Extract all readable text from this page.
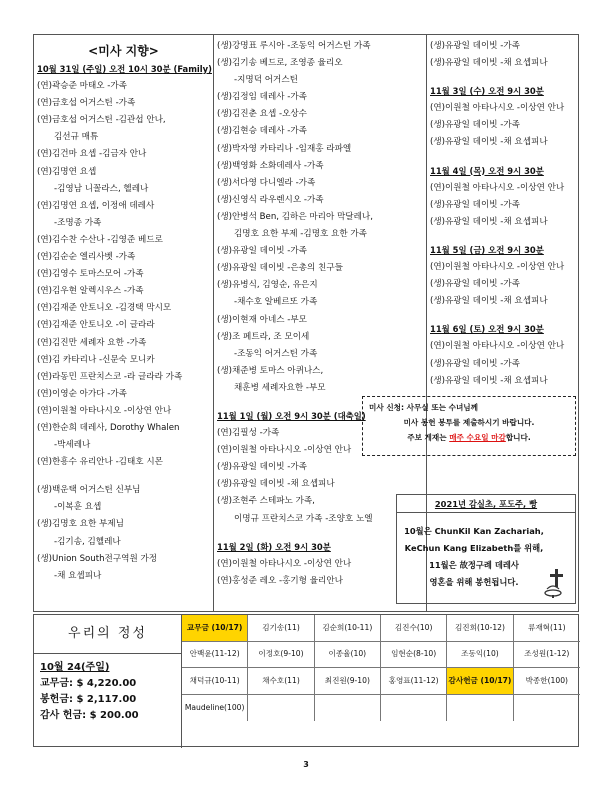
<미사 지향>
10월 31일 (주일) 오전 10시 30분 (Family)
(연)곽승준 마태오 -가족
(연)금호섭 어거스틴 -가족
(연)금호섭 어거스틴 -김관섭 안나,
김선규 매튜
(연)김건마 요셉 -김금자 안나
(연)김명연 요셉
-김영남 니꼴라스, 헬레나
(연)김명연 요셉, 이정애 데레사
-조명종 가족
(연)김수찬 수산나 -김영준 베드로
(연)김순순 엘리사벳 -가족
(연)김영수 토마스모어 -가족
(연)김우현 알렉시우스 -가족
(연)김재준 안토니오 -김경택 막시모
(연)김재준 안토니오 -이 글라라
(연)김진만 세례자 요한 -가족
(연)김 카타리나 -신문숙 모니카
(연)라동민 프란치스코 -라 글라라 가족
(연)이영순 아가다 -가족
(연)이원철 아타나시오 -이상연 안나
(연)한순희 데레사, Dorothy Whalen
-박세레나
(연)한흥수 유리안나 -김태호 시몬
(생)백운택 어거스틴 신부님
-이복훈 요셉
(생)김명호 요한 부제님
-김기송, 김헬레나
(생)Union South전구역원 가정
-채 요셉피나
(생)강명표 루시아 -조동익 어거스틴 가족
(생)김기송 베드로, 조영종 율리오
-지명덕 어거스틴
(생)김정임 데레사 -가족
(생)김진춘 요셉 -오상수
(생)김현승 데레사 -가족
(생)박자영 카타리나 -임재홍 라파엘
(생)백영화 소화데레사 -가족
(생)서다영 다니엘라 -가족
(생)신영식 라우렌시오 -가족
(생)안병석 Ben, 김하은 마리아 막달레나,
김명호 요한 부제 -김명호 요한 가족
(생)유광일 데이빗 -가족
(생)유광일 데이빗 -은총의 친구들
(생)유병식, 김영순, 유은지
-채수호 알베르또 가족
(생)이현재 아네스 -부모
(생)조 페트라, 조 모이세
-조동익 어거스틴 가족
(생)채준병 토마스 아퀴나스,
채훈병 세례자요한 -부모
11월 1일 (월) 오전 9시 30분 (대축일)
(연)김필성 -가족
(연)이원철 아타나시오 -이상연 안나
(생)유광일 데이빗 -가족
(생)유광일 데이빗 -채 요셉피나
(생)조현주 스테파노 가족,
이명규 프란치스코 가족 -조양호 노엘
11월 2일 (화) 오전 9시 30분
(연)이원철 아타나시오 -이상연 안나
(연)홍성준 레오 -홍기형 율리안나
(생)유광일 데이빗 -가족
(생)유광일 데이빗 -채 요셉피나
11월 3일 (수) 오전 9시 30분
(연)이원철 아타나시오 -이상연 안나
(생)유광일 데이빗 -가족
(생)유광일 데이빗 -채 요셉피나
11월 4일 (목) 오전 9시 30분
(연)이원철 아타나시오 -이상연 안나
(생)유광일 데이빗 -가족
(생)유광일 데이빗 -채 요셉피나
11월 5일 (금) 오전 9시 30분
(연)이원철 아타나시오 -이상연 안나
(생)유광일 데이빗 -가족
(생)유광일 데이빗 -채 요셉피나
11월 6일 (토) 오전 9시 30분
(연)이원철 아타나시오 -이상연 안나
(생)유광일 데이빗 -가족
(생)유광일 데이빗 -채 요셉피나
미사 신청: 사무실 또는 수녀님께
미사 봉헌 봉투를 제출하시기 바랍니다.
주보 게재는 매주 수요일 마감합니다.
2021년 감실초, 포도주, 빵
10월은 ChunKil Kan Zachariah,
KeChun Kang Elizabeth를 위해,
11월은 故정구례 데레사
영혼을 위해 봉헌됩니다.
우리의 정성
10월 24(주일)
교무금: $ 4,220.00
봉헌금: $ 2,117.00
감사 헌금: $ 200.00
교무금 (10/17)	김기송(11)	김순희(10-11)	김진수(10)	김진희(10-12)	류재혁(11)
안백윤(11-12)	이정호(9-10)	이종율(10)	임현순(8-10)	조동익(10)	조성원(1-12)
채덕규(10-11)	채수호(11)	최진원(9-10)	홍영표(11-12)	감사헌금 (10/17)	박종한(100)
Maudeline(100)
3
